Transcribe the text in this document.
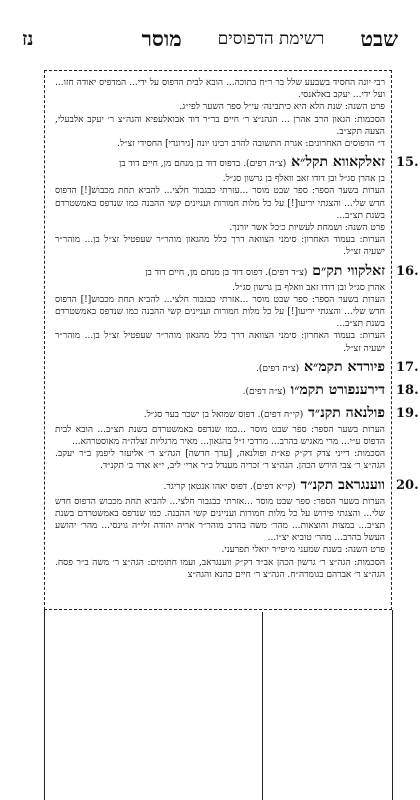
שבט
רשימת הדפוסים
מוסר
נז

רבי יונה החסיד בשבעע שלל בר ר״ח בתוכה... הובא לבית הדפוס על ידי... המדפיס יאודה חזו... ועל ידי... יעקב באלאנסי.

פרט השנה: שנת הלא היא כיתבינה׳ עי״ל ספר השער לפי״ג.

הסכמות: הגאון הרב אהרן ... הגהנ״צ ר׳ חיים בר״ר דוד אבואלעפיא והגה״צ ר׳ יעקב אלבעלי, הצעה תקצ״ב.

ד״ הדפוסים האחרונים: אגרת התשובה להרב רבינו יונה [גירונדי] החסידי זצ״ל.

זאלקאווא תקל״א (צ״ה דפים). בדפוס דוד בן מנחם מן, חיים דוד בן

בן אהרן סג״ל ובן דודו זאב וואלף בן גרשון סג״ל.

הערות בשער הספר: ספר שבט מוסר ...עזרתי כבגבור חלצי... להביא תחת מכבושׁ[!] הדפוס חדש שלי... והצגתי יריעו[!] על כל מלות חמורות ועניינים קשי ההבנה כמו שנדפס באמשטרדם בשנת תצ״ב...

פרט השנה: ושמחת לעשיות כ׳כל אשר יורנך.

הערות: בעמוד האחרון: סימני הצוואה דרך כלל מהגאון מוהר״ר שעפטיל זצ״ל בן... מוהר״ר ישעיה זצ״ל.

זאלקווי תק״ם (צ״ד דפים). דפוס דוד בן מנחם מן, חיים דוד בן

אהרן סג״ל ובן דודו זאב וואלף בן גרשון סג״ל.

הערות בשער הספר: ספר שבט מוסר ...אזרתי כבגבור חלצי... להביא תחת מכבוש[!] הדפוס חדש שלי... והצגתי יריעו[!] על כל מלות חמורות ועניינים קשי ההבנה כמו שנדפס באמשטרדם בשנת תצ״ב...

הערות: בעמוד האחרון: סימני הצוואה דרך כלל מהגאון מוהר״ר שעפטיל זצ״ל בן... מוהר״ר ישעיה זצ״ל.

פיורדא תקמ״א (צ״ה דפים).

דירענפורט תקמ״ו (צ״ה דפים).

פולנאה תקנ״ד (קי״ח דפים). דפוס שמואל בן ישכר בער סג״ל.

הערות בשער הספר: ספר שבט מוסר ...כמו שנדפס באמשטרדם בשנת תצ״ב... הובא לבית הדפוס ע״י... מרי מאגיש בהרב... מרדכי ז״ל בהגאון... מאיר מרגליות זצלה״ה מאוסטרהא...

הסכמות: דייני צדק דק״ק פא״ת ופולנאה, [ערך חדשה] הגה״צ ר׳ אליעזר ליפמן ב״ר יעקב. הגה״צ ר׳ צבי הירש הכהן. הגה״צ ר׳ זכריה מענדל ב״ר ארי׳ ליב, י״א אדר ב׳ תקנ״ד.

ווענגראב תקנ״ד (קי״א דפים). דפוס יאהו אנטאן קריגר.

הערות בשער הספר: ספר שבט מוסר ...אזרתי כבגבור חלצי... להביא תחת מכבוש הדפוס חדש שלי... והצגתי פירוש על כל מלות חמורות ועניינים קשי ההבנה. כמו שנדפס באמשטרדם בשנת תצ״ב... במצות והוצאות... מהר׳ משה בהרב מוהר״ר אריה יהודה זלי״ה גוינסי... מהר׳ יהושע העשל בהרב... מהר׳ טוביא יצ״ו...

פרט השנה: בשנת שמעני מ׳יפי׳ר יואלי תפרעני.

הסכמות: הגה״צ ר׳ גרשון הכהן אב״ד דק״ק ווענגראב, ועמו חתומים: הגה״צ ר׳ משה ב״ר פסח. הגה״צ ר׳ אברהם בגומרה״ח. הגה״צ ר׳ חיים כהנא והגה״צ

15.
16.
17.
18.
19.
20.
